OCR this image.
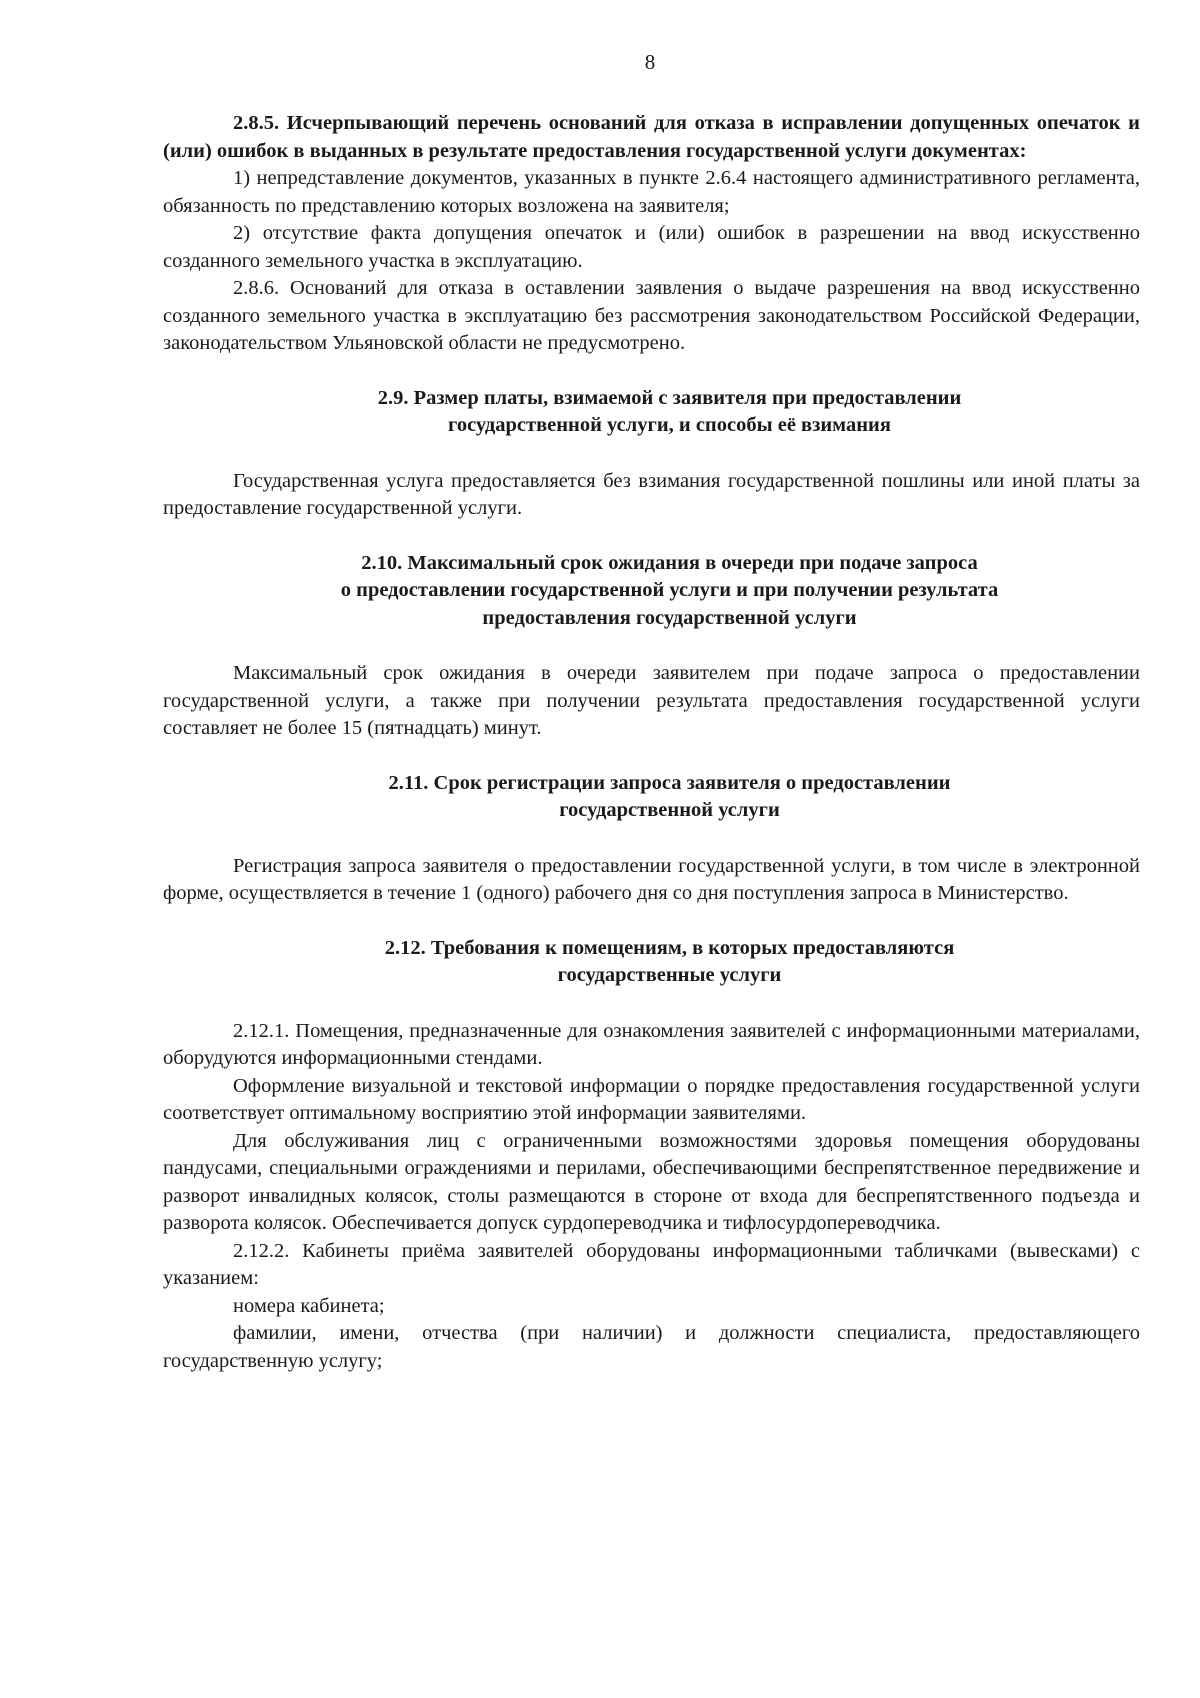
8

2.8.5. Исчерпывающий перечень оснований для отказа в исправлении допущенных опечаток и (или) ошибок в выданных в результате предоставления государственной услуги документах:

1) непредставление документов, указанных в пункте 2.6.4 настоящего административного регламента, обязанность по представлению которых возложена на заявителя;

2) отсутствие факта допущения опечаток и (или) ошибок в разрешении на ввод искусственно созданного земельного участка в эксплуатацию.

2.8.6. Оснований для отказа в оставлении заявления о выдаче разрешения на ввод искусственно созданного земельного участка в эксплуатацию без рассмотрения законодательством Российской Федерации, законодательством Ульяновской области не предусмотрено.

2.9. Размер платы, взимаемой с заявителя при предоставлении
государственной услуги, и способы её взимания

Государственная услуга предоставляется без взимания государственной пошлины или иной платы за предоставление государственной услуги.

2.10. Максимальный срок ожидания в очереди при подаче запроса
о предоставлении государственной услуги и при получении результата
предоставления государственной услуги

Максимальный срок ожидания в очереди заявителем при подаче запроса о предоставлении государственной услуги, а также при получении результата предоставления государственной услуги составляет не более 15 (пятнадцать) минут.

2.11. Срок регистрации запроса заявителя о предоставлении
государственной услуги

Регистрация запроса заявителя о предоставлении государственной услуги, в том числе в электронной форме, осуществляется в течение 1 (одного) рабочего дня со дня поступления запроса в Министерство.

2.12. Требования к помещениям, в которых предоставляются
государственные услуги

2.12.1. Помещения, предназначенные для ознакомления заявителей с информационными материалами, оборудуются информационными стендами.

Оформление визуальной и текстовой информации о порядке предоставления государственной услуги соответствует оптимальному восприятию этой информации заявителями.

Для обслуживания лиц с ограниченными возможностями здоровья помещения оборудованы пандусами, специальными ограждениями и перилами, обеспечивающими беспрепятственное передвижение и разворот инвалидных колясок, столы размещаются в стороне от входа для беспрепятственного подъезда и разворота колясок. Обеспечивается допуск сурдопереводчика и тифлосурдопереводчика.

2.12.2. Кабинеты приёма заявителей оборудованы информационными табличками (вывесками) с указанием:

номера кабинета;

фамилии, имени, отчества (при наличии) и должности специалиста, предоставляющего государственную услугу;
